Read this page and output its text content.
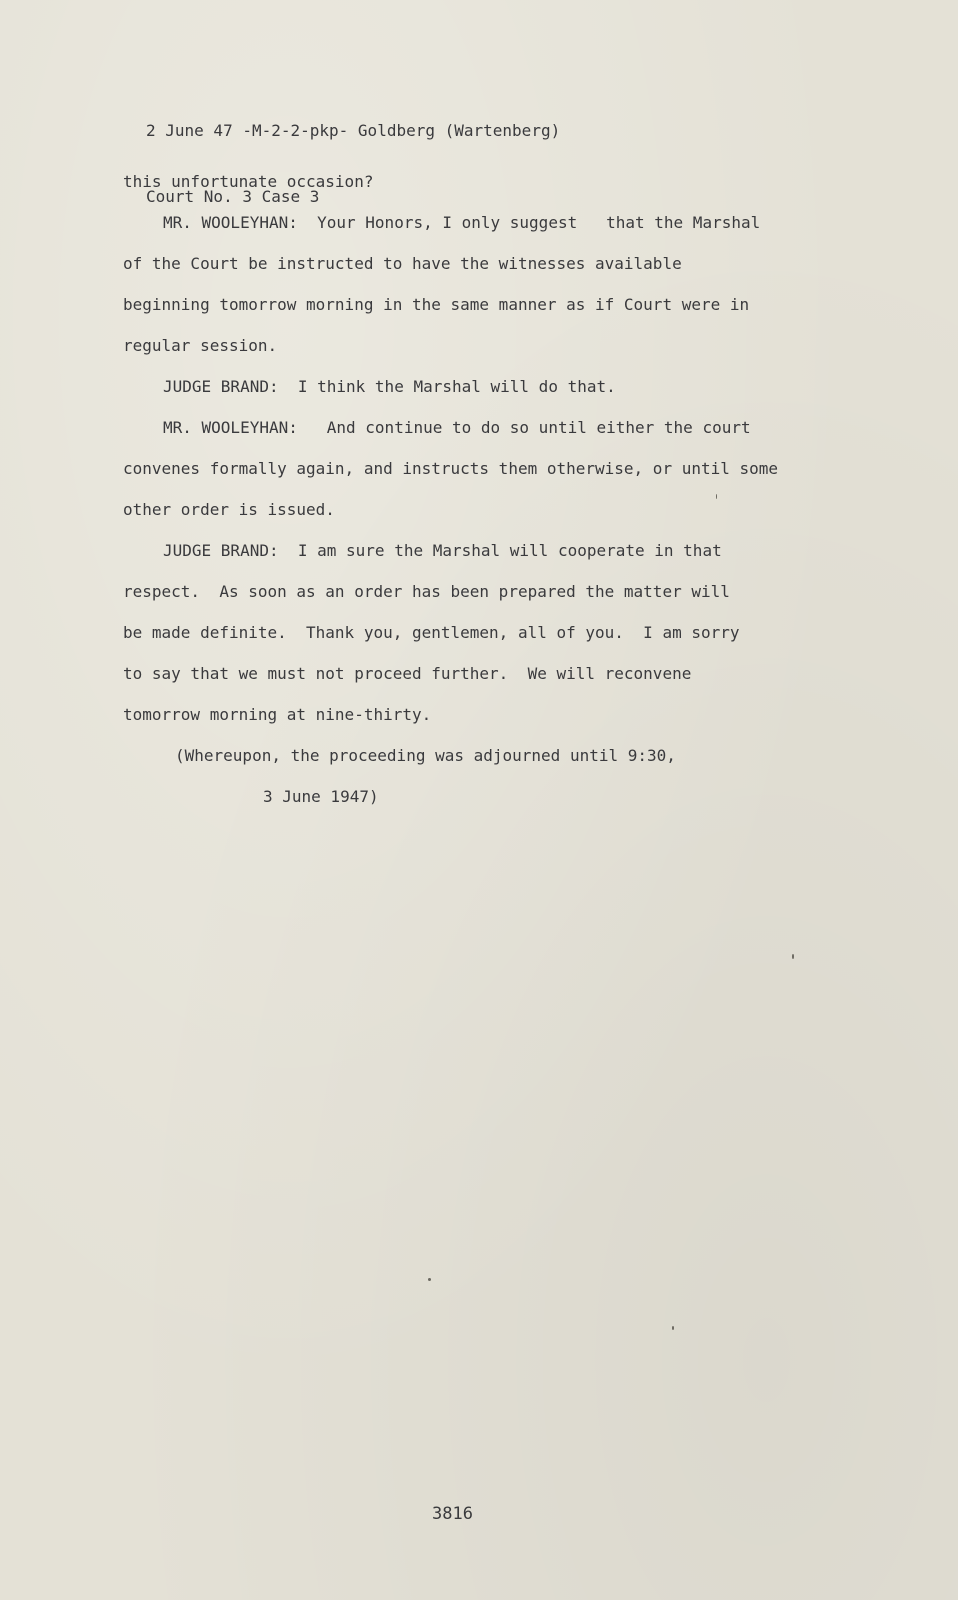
2 June 47 -M-2-2-pkp- Goldberg (Wartenberg)

Court No. 3 Case 3

this unfortunate occasion?
MR. WOOLEYHAN:  Your Honors, I only suggest   that the Marshal
of the Court be instructed to have the witnesses available
beginning tomorrow morning in the same manner as if Court were in
regular session.
JUDGE BRAND:  I think the Marshal will do that.
MR. WOOLEYHAN:   And continue to do so until either the court
convenes formally again, and instructs them otherwise, or until some
other order is issued.
JUDGE BRAND:  I am sure the Marshal will cooperate in that
respect.  As soon as an order has been prepared the matter will
be made definite.  Thank you, gentlemen, all of you.  I am sorry
to say that we must not proceed further.  We will reconvene
tomorrow morning at nine-thirty.
(Whereupon, the proceeding was adjourned until 9:30,
3 June 1947)
3816
